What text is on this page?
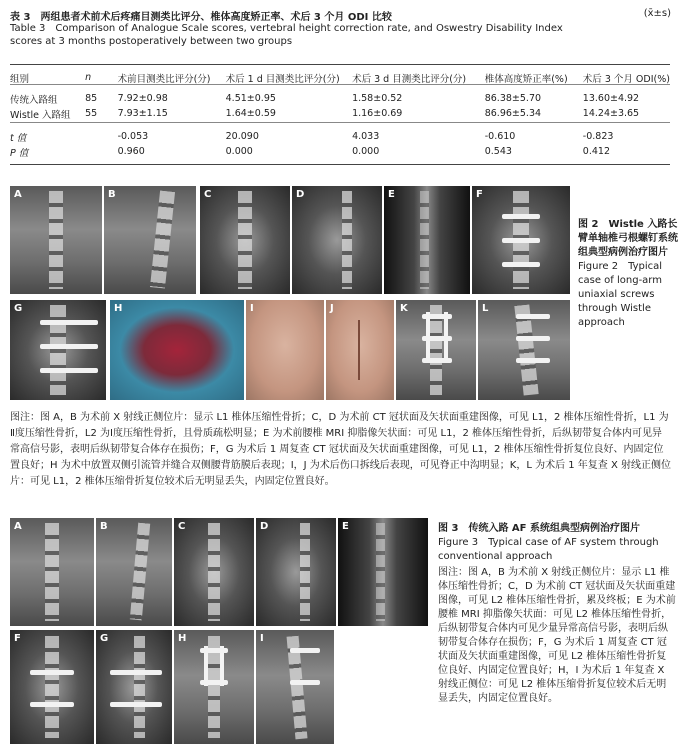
表 3　两组患者术前术后疼痛目测类比评分、椎体高度矫正率、术后 3 个月 ODI 比较	(x̄±s)
Table 3　Comparison of Analogue Scale scores, vertebral height correction rate, and Oswestry Disability Index scores at 3 months postoperatively between two groups
组别	n	术前目测类比评分(分)	术后 1 d 目测类比评分(分)	术后 3 d 目测类比评分(分)	椎体高度矫正率(%)	术后 3 个月 ODI(%)

传统入路组	85	7.92±0.98	4.51±0.95	1.58±0.52	86.38±5.70	13.60±4.92
Wistle 入路组	55	7.93±1.15	1.64±0.59	1.16±0.69	86.96±5.34	14.24±3.65

t 值		-0.053	20.090	4.033	-0.610	-0.823
P 值		0.960	0.000	0.000	0.543	0.412
A	B	C	D	E	F
G	H	I	J	K	L
图 2　Wistle 入路长臂单轴椎弓根螺钉系统组典型病例治疗图片
Figure 2　Typical case of long-arm uniaxial screws through Wistle approach
图注：图 A，B 为术前 X 射线正侧位片：显示 L1 椎体压缩性骨折；C，D 为术前 CT 冠状面及矢状面重建图像，可见 L1，2 椎体压缩性骨折，L1 为Ⅱ度压缩性骨折，L2 为Ⅰ度压缩性骨折，且骨质疏松明显；E 为术前腰椎 MRI 抑脂像矢状面：可见 L1，2 椎体压缩性骨折，后纵韧带复合体内可见异常高信号影，表明后纵韧带复合体存在损伤；F，G 为术后 1 周复查 CT 冠状面及矢状面重建图像，可见 L1，2 椎体压缩性骨折复位良好、内固定位置良好；H 为术中放置双侧引流管并缝合双侧腰背筋膜后表现；I，J 为术后伤口拆线后表现，可见脊正中沟明显；K，L 为术后 1 年复查 X 射线正侧位片：可见 L1，2 椎体压缩骨折复位较术后无明显丢失，内固定位置良好。
A	B	C	D	E
F	G	H	I
图 3　传统入路 AF 系统组典型病例治疗图片
Figure 3　Typical case of AF system through conventional approach
图注：图 A，B 为术前 X 射线正侧位片：显示 L1 椎体压缩性骨折；C，D 为术前 CT 冠状面及矢状面重建图像，可见 L2 椎体压缩性骨折，累及终板；E 为术前腰椎 MRI 抑脂像矢状面：可见 L2 椎体压缩性骨折，后纵韧带复合体内可见少量异常高信号影，表明后纵韧带复合体存在损伤；F，G 为术后 1 周复查 CT 冠状面及矢状面重建图像，可见 L2 椎体压缩性骨折复位良好、内固定位置良好；H，I 为术后 1 年复查 X 射线正侧位：可见 L2 椎体压缩骨折复位较术后无明显丢失，内固定位置良好。
